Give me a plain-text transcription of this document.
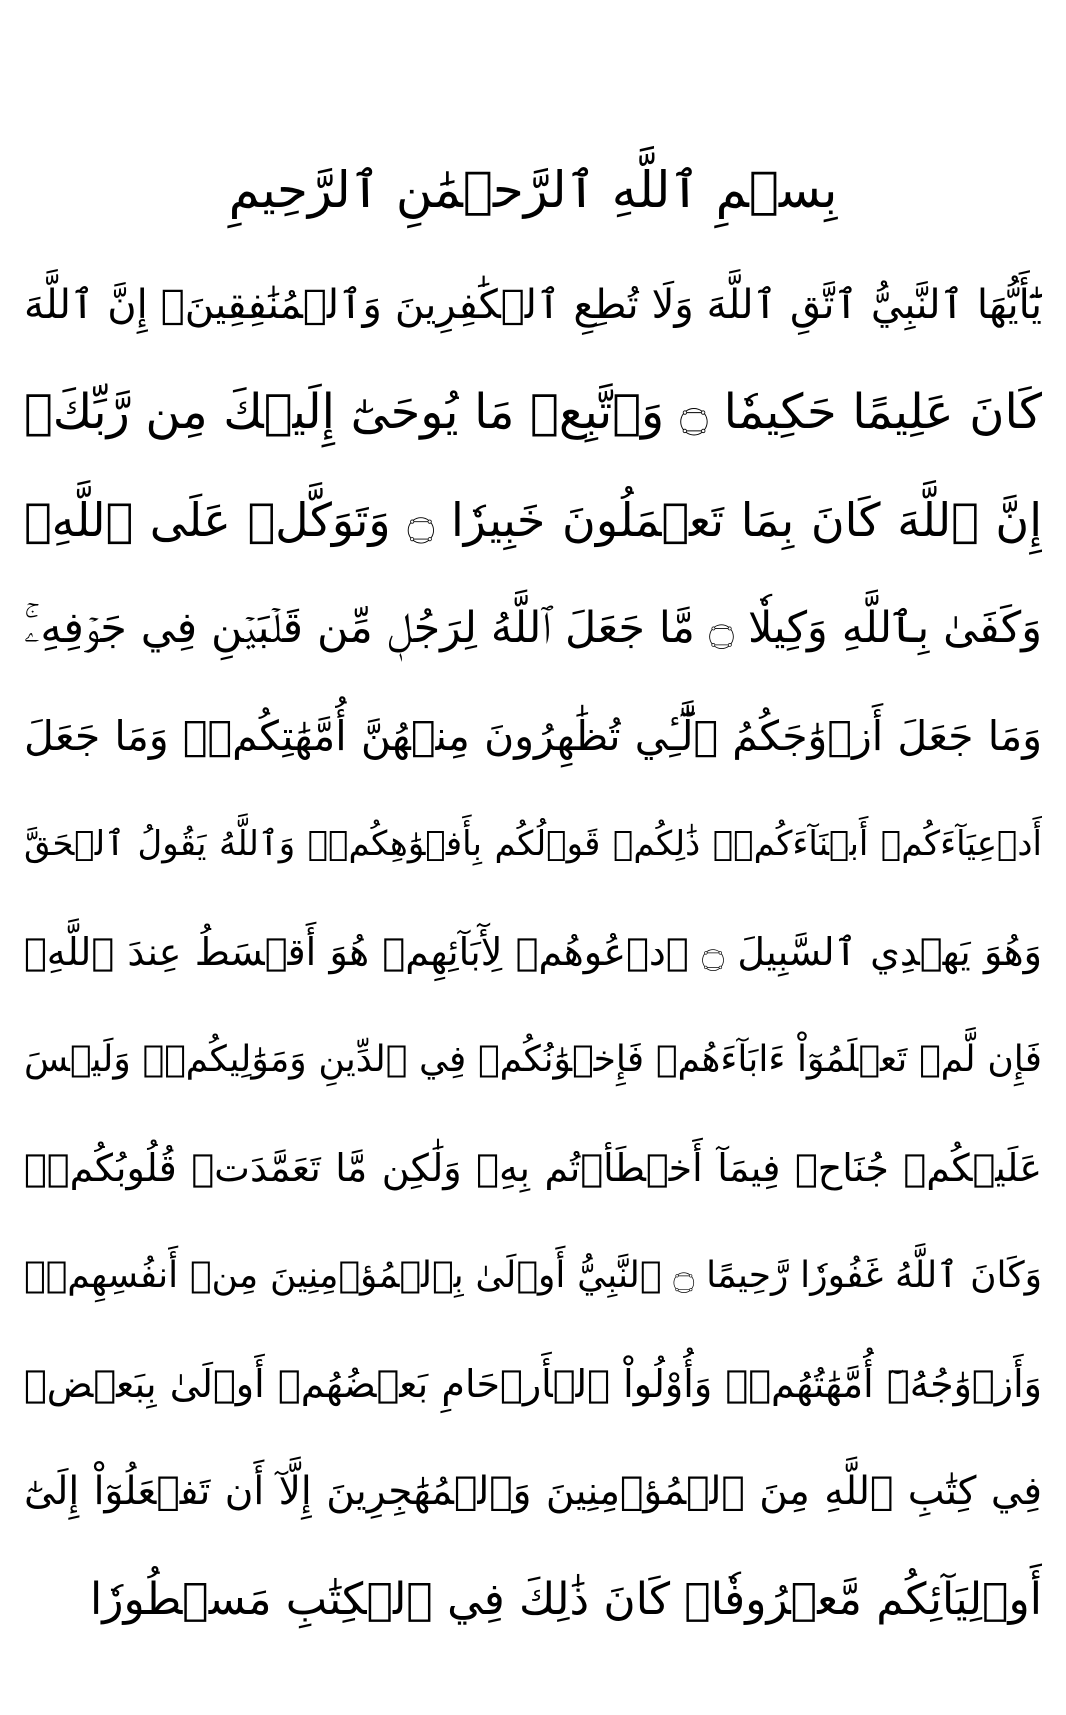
بِسۡمِ ٱللَّهِ ٱلرَّحۡمَٰنِ ٱلرَّحِيمِ
يَٰٓأَيُّهَا ٱلنَّبِيُّ ٱتَّقِ ٱللَّهَ وَلَا تُطِعِ ٱلۡكَٰفِرِينَ وَٱلۡمُنَٰفِقِينَۚ إِنَّ ٱللَّهَ
كَانَ عَلِيمًا حَكِيمٗا ۝ وَٱتَّبِعۡ مَا يُوحَىٰٓ إِلَيۡكَ مِن رَّبِّكَۚ
إِنَّ ٱللَّهَ كَانَ بِمَا تَعۡمَلُونَ خَبِيرٗا ۝ وَتَوَكَّلۡ عَلَى ٱللَّهِۚ
وَكَفَىٰ بِٱللَّهِ وَكِيلٗا ۝ مَّا جَعَلَ ٱللَّهُ لِرَجُلٖ مِّن قَلۡبَيۡنِ فِي جَوۡفِهِۦۚ
وَمَا جَعَلَ أَزۡوَٰجَكُمُ ٱلَّٰٓـِٔي تُظَٰهِرُونَ مِنۡهُنَّ أُمَّهَٰتِكُمۡۚ وَمَا جَعَلَ
أَدۡعِيَآءَكُمۡ أَبۡنَآءَكُمۡۚ ذَٰلِكُمۡ قَوۡلُكُم بِأَفۡوَٰهِكُمۡۖ وَٱللَّهُ يَقُولُ ٱلۡحَقَّ
وَهُوَ يَهۡدِي ٱلسَّبِيلَ ۝ ٱدۡعُوهُمۡ لِأٓبَآئِهِمۡ هُوَ أَقۡسَطُ عِندَ ٱللَّهِۚ
فَإِن لَّمۡ تَعۡلَمُوٓاْ ءَابَآءَهُمۡ فَإِخۡوَٰنُكُمۡ فِي ٱلدِّينِ وَمَوَٰلِيكُمۡۚ وَلَيۡسَ
عَلَيۡكُمۡ جُنَاحٞ فِيمَآ أَخۡطَأۡتُم بِهِۦ وَلَٰكِن مَّا تَعَمَّدَتۡ قُلُوبُكُمۡۚ
وَكَانَ ٱللَّهُ غَفُورٗا رَّحِيمًا ۝ ٱلنَّبِيُّ أَوۡلَىٰ بِٱلۡمُؤۡمِنِينَ مِنۡ أَنفُسِهِمۡۖ
وَأَزۡوَٰجُهُۥٓ أُمَّهَٰتُهُمۡۗ وَأُوْلُواْ ٱلۡأَرۡحَامِ بَعۡضُهُمۡ أَوۡلَىٰ بِبَعۡضٖ
فِي كِتَٰبِ ٱللَّهِ مِنَ ٱلۡمُؤۡمِنِينَ وَٱلۡمُهَٰجِرِينَ إِلَّآ أَن تَفۡعَلُوٓاْ إِلَىٰٓ
أَوۡلِيَآئِكُم مَّعۡرُوفٗاۚ كَانَ ذَٰلِكَ فِي ٱلۡكِتَٰبِ مَسۡطُورٗا
